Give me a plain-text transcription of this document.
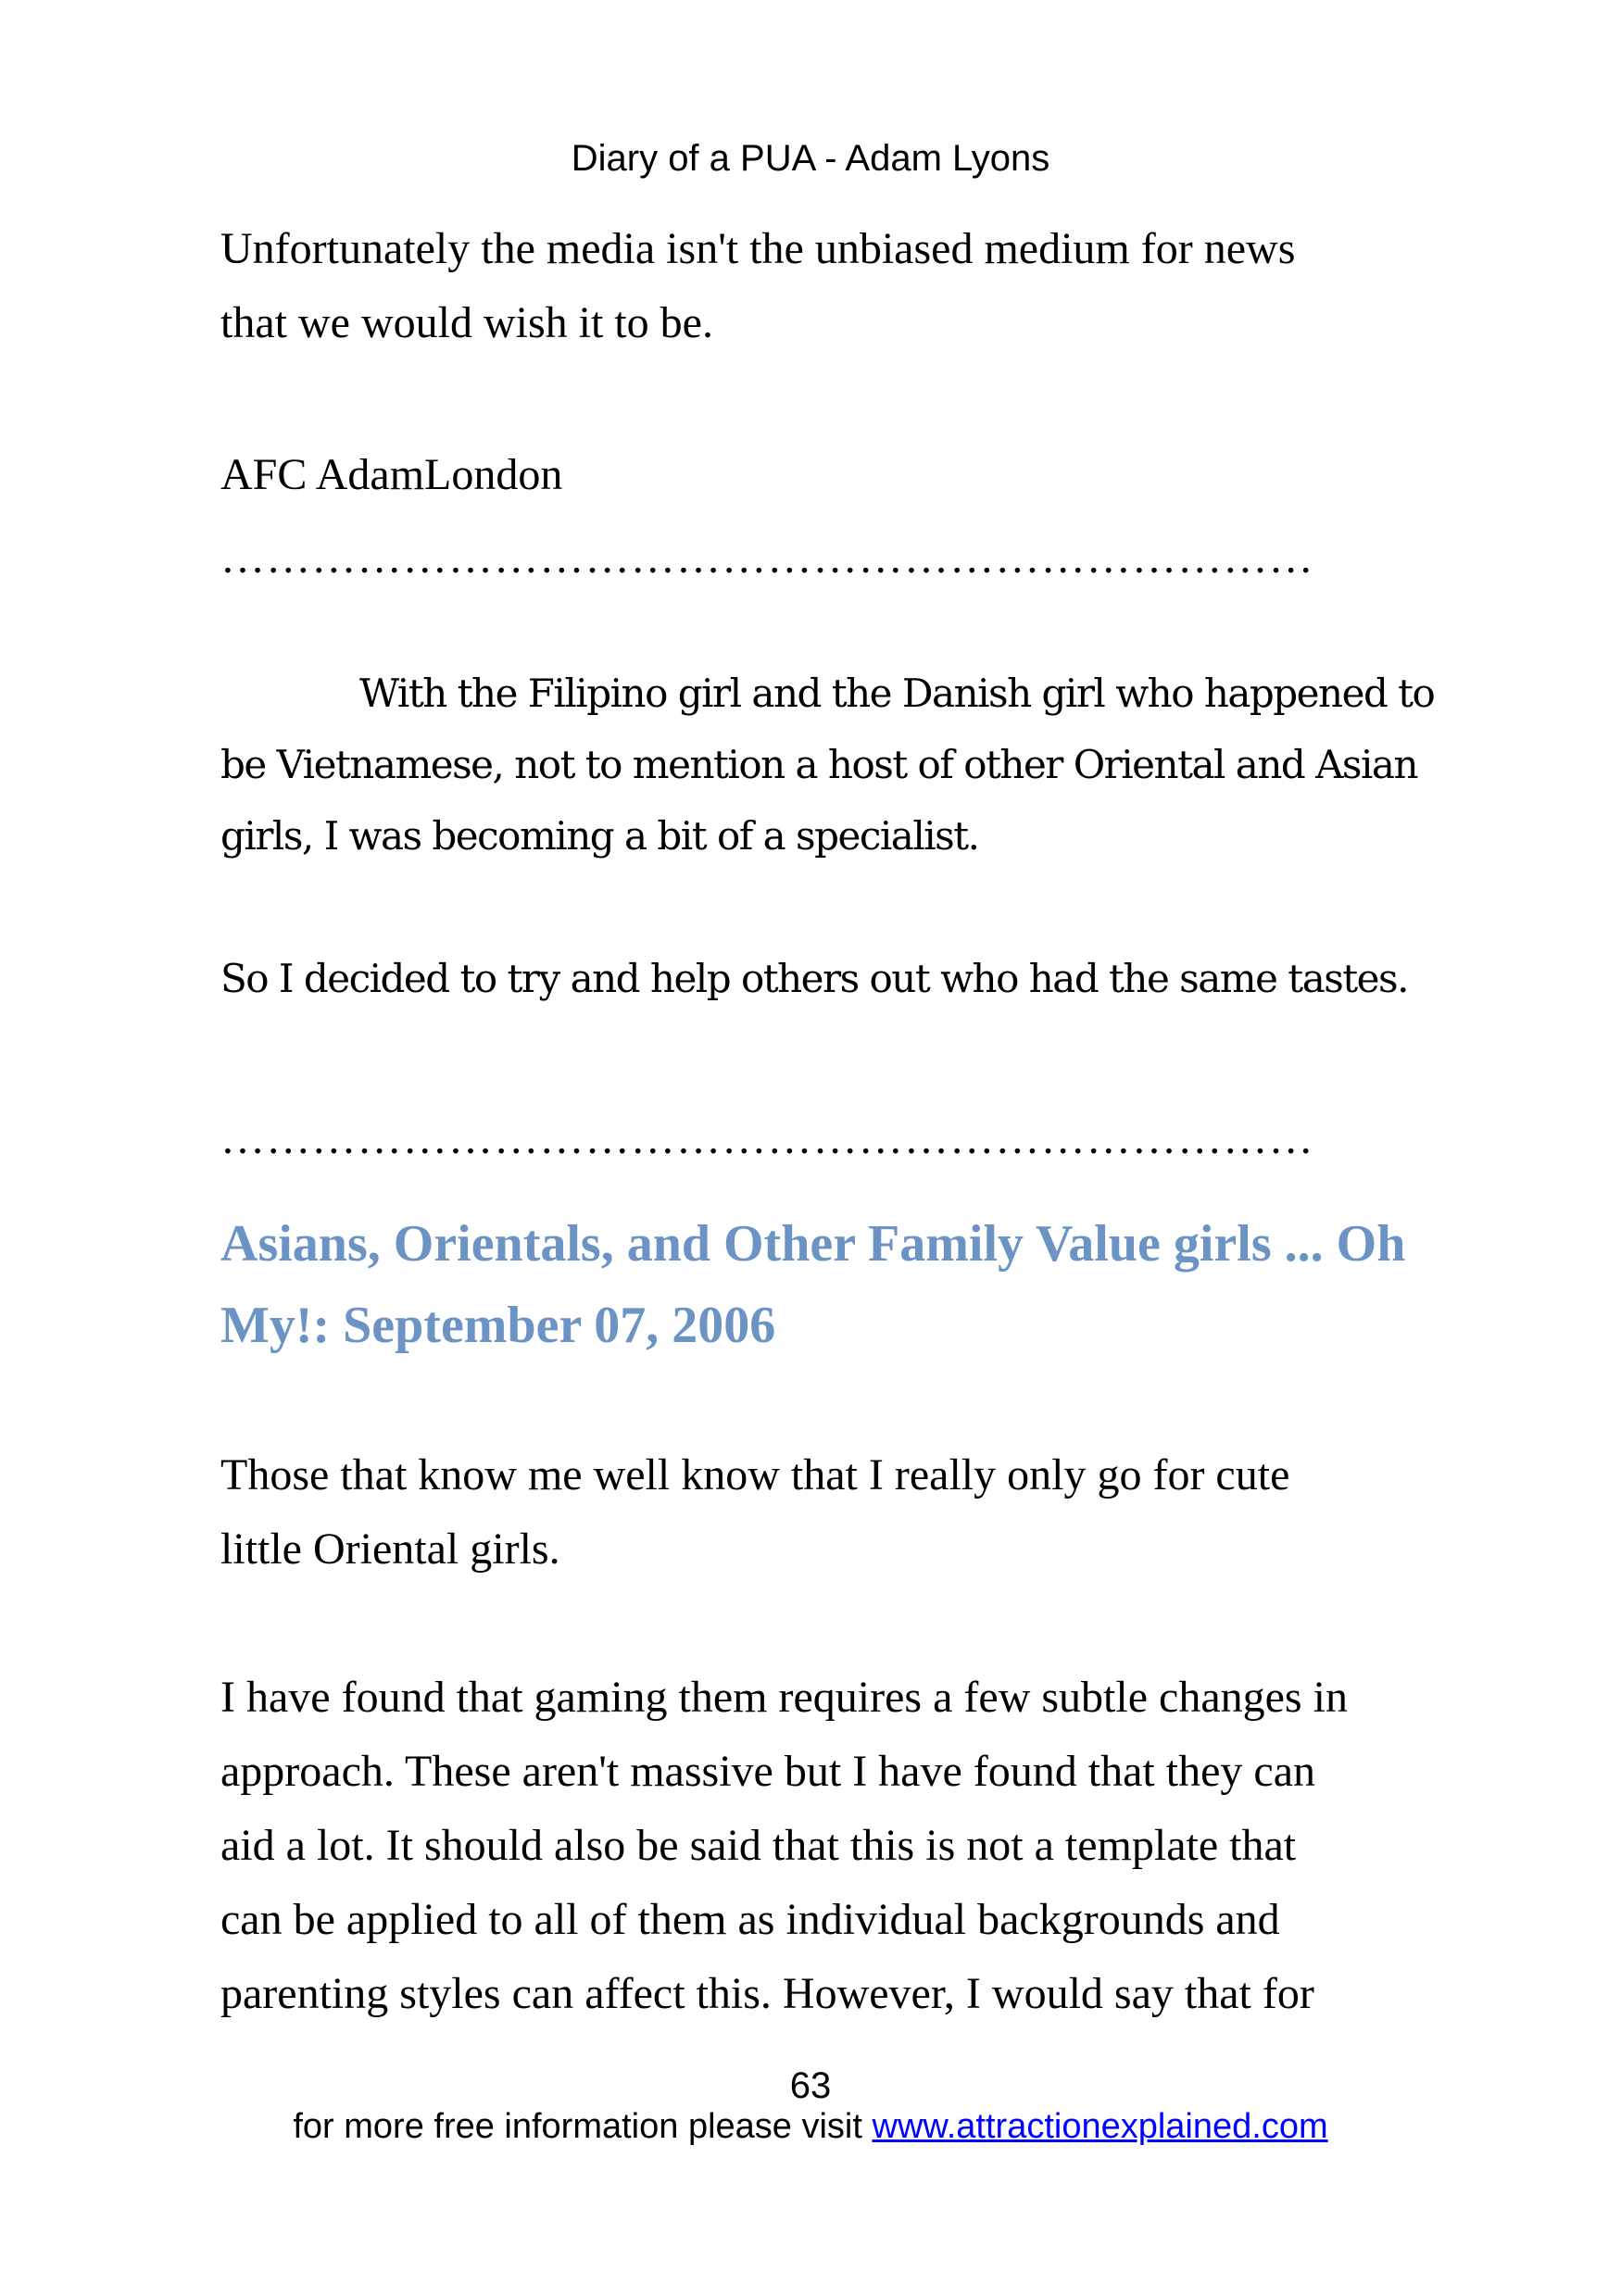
Diary of a PUA - Adam Lyons

Unfortunately the media isn't the unbiased medium for news
that we would wish it to be.

AFC AdamLondon

………………………………………………………………

With the Filipino girl and the Danish girl who happened to
be Vietnamese, not to mention a host of other Oriental and Asian
girls, I was becoming a bit of a specialist.

So I decided to try and help others out who had the same tastes.

………………………………………………………………
Asians, Orientals, and Other Family Value girls ... Oh
My!: September 07, 2006

Those that know me well know that I really only go for cute
little Oriental girls.

I have found that gaming them requires a few subtle changes in
approach. These aren't massive but I have found that they can
aid a lot. It should also be said that this is not a template that
can be applied to all of them as individual backgrounds and
parenting styles can affect this. However, I would say that for

63
for more free information please visit www.attractionexplained.com
